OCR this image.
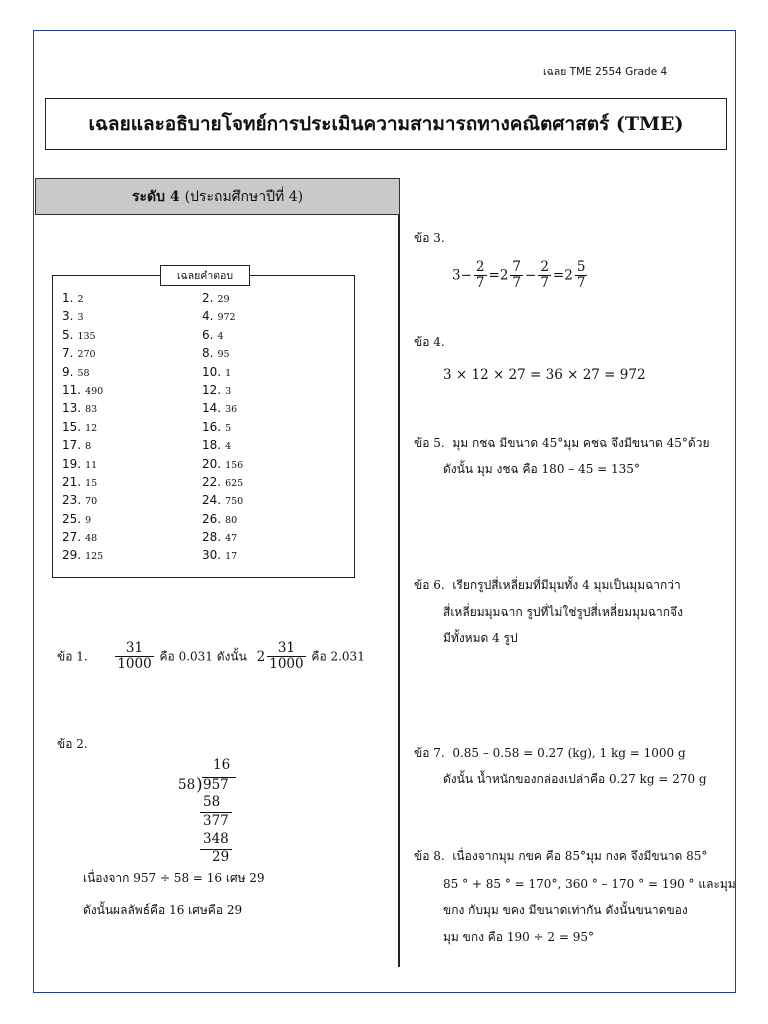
เฉลย TME 2554 Grade 4
เฉลยและอธิบายโจทย์การประเมินความสามารถทางคณิตศาสตร์ (TME)
ระดับ 4 (ประถมศึกษาปีที่ 4)
เฉลยคำตอบ
1. 2	2. 29
3. 3	4. 972
5. 135	6. 4
7. 270	8. 95
9. 58	10. 1
11. 490	12. 3
13. 83	14. 36
15. 12	16. 5
17. 8	18. 4
19. 11	20. 156
21. 15	22. 625
23. 70	24. 750
25. 9	26. 80
27. 48	28. 47
29. 125	30. 17
ข้อ 1. $\frac{31}{1000}$ คือ 0.031 ดังนั้น $2 \frac{31}{1000}$ คือ 2.031
ข้อ 2.
16
58 ) 957
58
377
348
29
เนื่องจาก 957 ÷ 58 = 16 เศษ 29
ดังนั้นผลลัพธ์คือ 16 เศษคือ 29
ข้อ 3.
$3- \frac{2}{7} =2 \frac{7}{7} - \frac{2}{7} =2 \frac{5}{7}$
ข้อ 4.
3 × 12 × 27 = 36 × 27 = 972
ข้อ 5. มุม กชฉ มีขนาด 45°มุม คชฉ จึงมีขนาด 45°ด้วย
ดังนั้น มุม งชฉ คือ 180 – 45 = 135°
ข้อ 6. เรียกรูปสี่เหลี่ยมที่มีมุมทั้ง 4 มุมเป็นมุมฉากว่า
สี่เหลี่ยมมุมฉาก รูปที่ไม่ใช่รูปสี่เหลี่ยมมุมฉากจึง
มีทั้งหมด 4 รูป
ข้อ 7. 0.85 – 0.58 = 0.27 (kg), 1 kg = 1000 g
ดังนั้น น้ำหนักของกล่องเปล่าคือ 0.27 kg = 270 g
ข้อ 8. เนื่องจากมุม กขค คือ 85°มุม กงค จึงมีขนาด 85°
85 ° + 85 ° = 170°, 360 ° – 170 ° = 190 ° และมุม
ขกง กับมุม ขคง มีขนาดเท่ากัน ดังนั้นขนาดของ
มุม ขกง คือ 190 ÷ 2 = 95°
